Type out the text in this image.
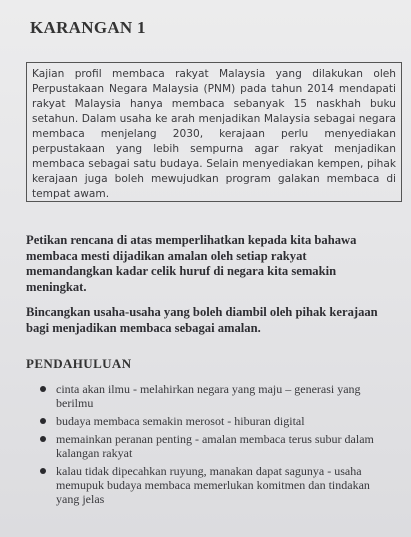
KARANGAN 1
Kajian profil membaca rakyat Malaysia yang dilakukan oleh Perpustakaan Negara Malaysia (PNM) pada tahun 2014 mendapati rakyat Malaysia hanya membaca sebanyak 15 naskhah buku setahun. Dalam usaha ke arah menjadikan Malaysia sebagai negara membaca menjelang 2030, kerajaan perlu menyediakan perpustakaan yang lebih sempurna agar rakyat menjadikan membaca sebagai satu budaya. Selain menyediakan kempen, pihak kerajaan juga boleh mewujudkan program galakan membaca di tempat awam.
Petikan rencana di atas memperlihatkan kepada kita bahawa membaca mesti dijadikan amalan oleh setiap rakyat memandangkan kadar celik huruf di negara kita semakin meningkat.
Bincangkan usaha-usaha yang boleh diambil oleh pihak kerajaan bagi menjadikan membaca sebagai amalan.
PENDAHULUAN
cinta akan ilmu - melahirkan negara yang maju – generasi yang berilmu
budaya membaca semakin merosot - hiburan digital
memainkan peranan penting - amalan membaca terus subur dalam kalangan rakyat
kalau tidak dipecahkan ruyung, manakan dapat sagunya - usaha memupuk budaya membaca memerlukan komitmen dan tindakan yang jelas
